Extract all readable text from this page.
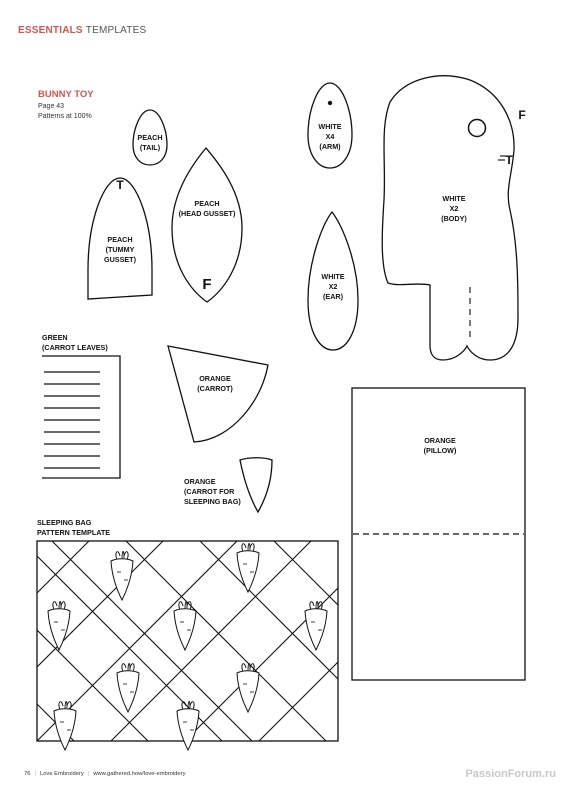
ESSENTIALS TEMPLATES
BUNNY TOY
Page 43
Patterns at 100%
PEACH
(TAIL)
WHITE
X4
(ARM)
T
PEACH
(TUMMY
GUSSET)
PEACH
(HEAD GUSSET)
F	WHITE
X2
(EAR)
WHITE
X2
(BODY)
F
T
GREEN
(CARROT LEAVES)
ORANGE
(CARROT)
ORANGE
(CARROT FOR
SLEEPING BAG)
ORANGE
(PILLOW)
SLEEPING BAG
PATTERN TEMPLATE
76 | Love Embroidery | www.gathered.how/love-embroidery	PassionForum.ru
